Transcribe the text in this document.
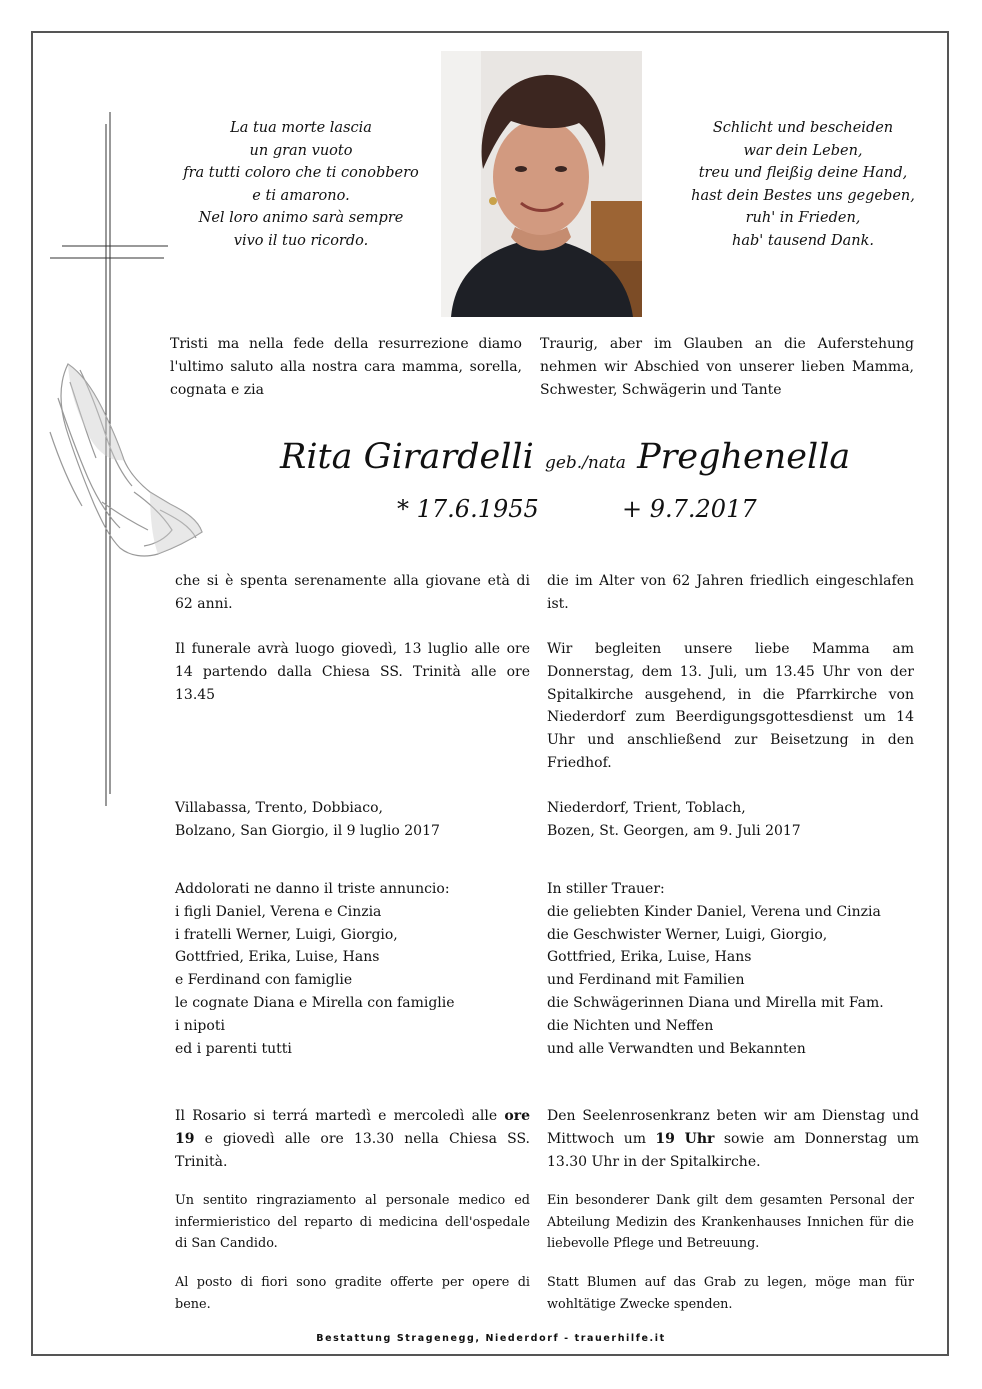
La tua morte lascia
un gran vuoto
fra tutti coloro che ti conobbero
e ti amarono.
Nel loro animo sarà sempre
vivo il tuo ricordo.
Schlicht und bescheiden
war dein Leben,
treu und fleißig deine Hand,
hast dein Bestes uns gegeben,
ruh' in Frieden,
hab' tausend Dank.
Tristi ma nella fede della resurrezione diamo l'ultimo saluto alla nostra cara mamma, sorella, cognata e zia
Traurig, aber im Glauben an die Auferstehung nehmen wir Abschied von unserer lieben Mamma, Schwester, Schwägerin und Tante
Rita Girardelli geb./nata Preghenella
* 17.6.1955	+ 9.7.2017
che si è spenta serenamente alla giovane età di 62 anni.
die im Alter von 62 Jahren friedlich eingeschlafen ist.
Il funerale avrà luogo giovedì, 13 luglio alle ore 14 partendo dalla Chiesa SS. Trinità alle ore 13.45
Wir begleiten unsere liebe Mamma am Donnerstag, dem 13. Juli, um 13.45 Uhr von der Spitalkirche ausgehend, in die Pfarrkirche von Niederdorf zum Beerdigungsgottesdienst um 14 Uhr und anschließend zur Beisetzung in den Friedhof.
Villabassa, Trento, Dobbiaco,
Bolzano, San Giorgio, il 9 luglio 2017
Niederdorf, Trient, Toblach,
Bozen, St. Georgen, am 9. Juli 2017
Addolorati ne danno il triste annuncio:
i figli Daniel, Verena e Cinzia
i fratelli Werner, Luigi, Giorgio,
Gottfried, Erika, Luise, Hans
e Ferdinand con famiglie
le cognate Diana e Mirella con famiglie
i nipoti
ed i parenti tutti
In stiller Trauer:
die geliebten Kinder Daniel, Verena und Cinzia
die Geschwister Werner, Luigi, Giorgio,
Gottfried, Erika, Luise, Hans
und Ferdinand mit Familien
die Schwägerinnen Diana und Mirella mit Fam.
die Nichten und Neffen
und alle Verwandten und Bekannten
Il Rosario si terrá martedì e mercoledì alle ore 19 e giovedì alle ore 13.30 nella Chiesa SS. Trinità.
Den Seelenrosenkranz beten wir am Dienstag und Mittwoch um 19 Uhr sowie am Donnerstag um 13.30 Uhr in der Spitalkirche.
Un sentito ringraziamento al personale medico ed infermieristico del reparto di medicina dell'ospedale di San Candido.
Ein besonderer Dank gilt dem gesamten Personal der Abteilung Medizin des Krankenhauses Innichen für die liebevolle Pflege und Betreuung.
Al posto di fiori sono gradite offerte per opere di bene.
Statt Blumen auf das Grab zu legen, möge man für wohltätige Zwecke spenden.
Bestattung Stragenegg, Niederdorf - trauerhilfe.it
